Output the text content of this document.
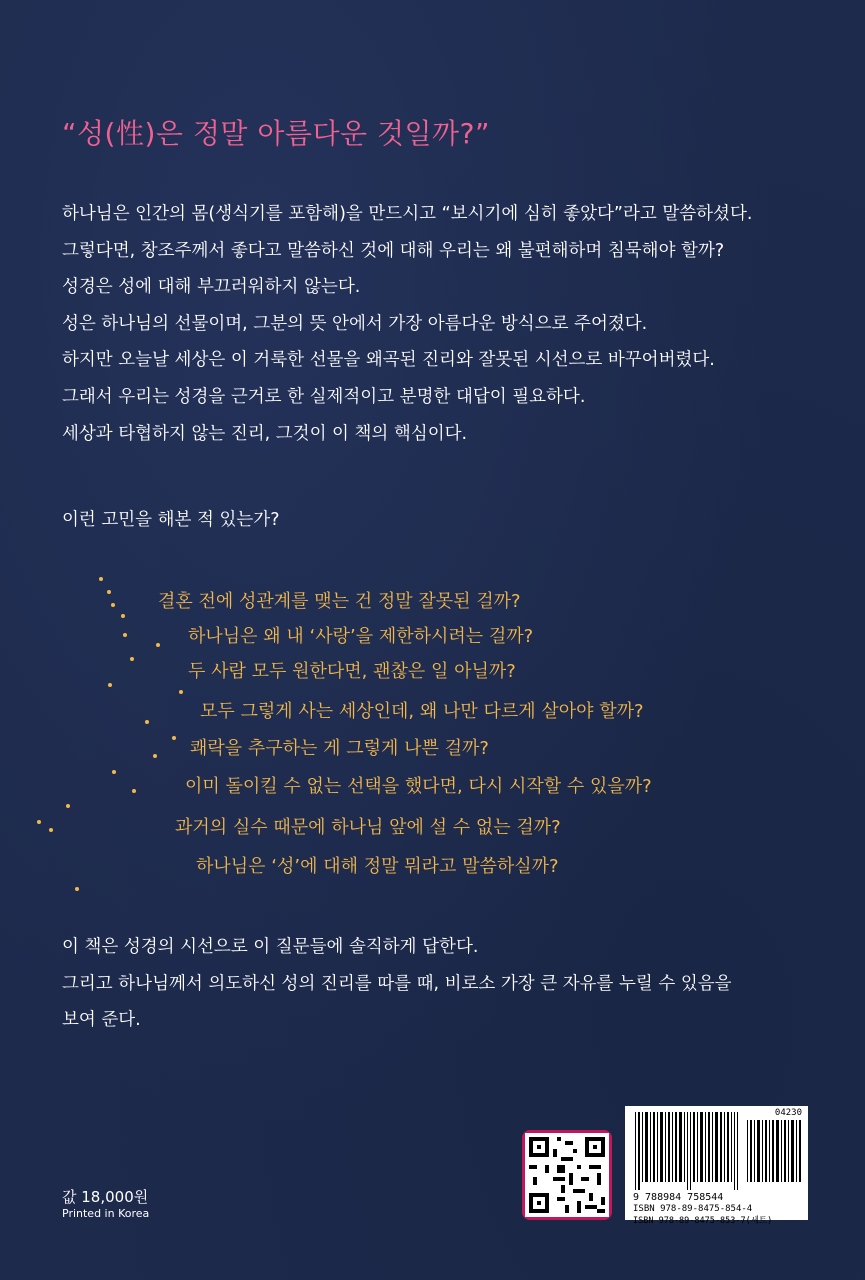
“성(性)은 정말 아름다운 것일까?”
하나님은 인간의 몸(생식기를 포함해)을 만드시고 “보시기에 심히 좋았다”라고 말씀하셨다.
그렇다면, 창조주께서 좋다고 말씀하신 것에 대해 우리는 왜 불편해하며 침묵해야 할까?
성경은 성에 대해 부끄러워하지 않는다.
성은 하나님의 선물이며, 그분의 뜻 안에서 가장 아름다운 방식으로 주어졌다.
하지만 오늘날 세상은 이 거룩한 선물을 왜곡된 진리와 잘못된 시선으로 바꾸어버렸다.
그래서 우리는 성경을 근거로 한 실제적이고 분명한 대답이 필요하다.
세상과 타협하지 않는 진리, 그것이 이 책의 핵심이다.
이런 고민을 해본 적 있는가?
결혼 전에 성관계를 맺는 건 정말 잘못된 걸까?
하나님은 왜 내 ‘사랑’을 제한하시려는 걸까?
두 사람 모두 원한다면, 괜찮은 일 아닐까?
모두 그렇게 사는 세상인데, 왜 나만 다르게 살아야 할까?
쾌락을 추구하는 게 그렇게 나쁜 걸까?
이미 돌이킬 수 없는 선택을 했다면, 다시 시작할 수 있을까?
과거의 실수 때문에 하나님 앞에 설 수 없는 걸까?
하나님은 ‘성’에 대해 정말 뭐라고 말씀하실까?
이 책은 성경의 시선으로 이 질문들에 솔직하게 답한다.
그리고 하나님께서 의도하신 성의 진리를 따를 때, 비로소 가장 큰 자유를 누릴 수 있음을
보여 준다.
값 18,000원
Printed in Korea
04230
9 788984 758544
ISBN 978-89-8475-854-4
ISBN 978-89-8475-853-7(세트)
